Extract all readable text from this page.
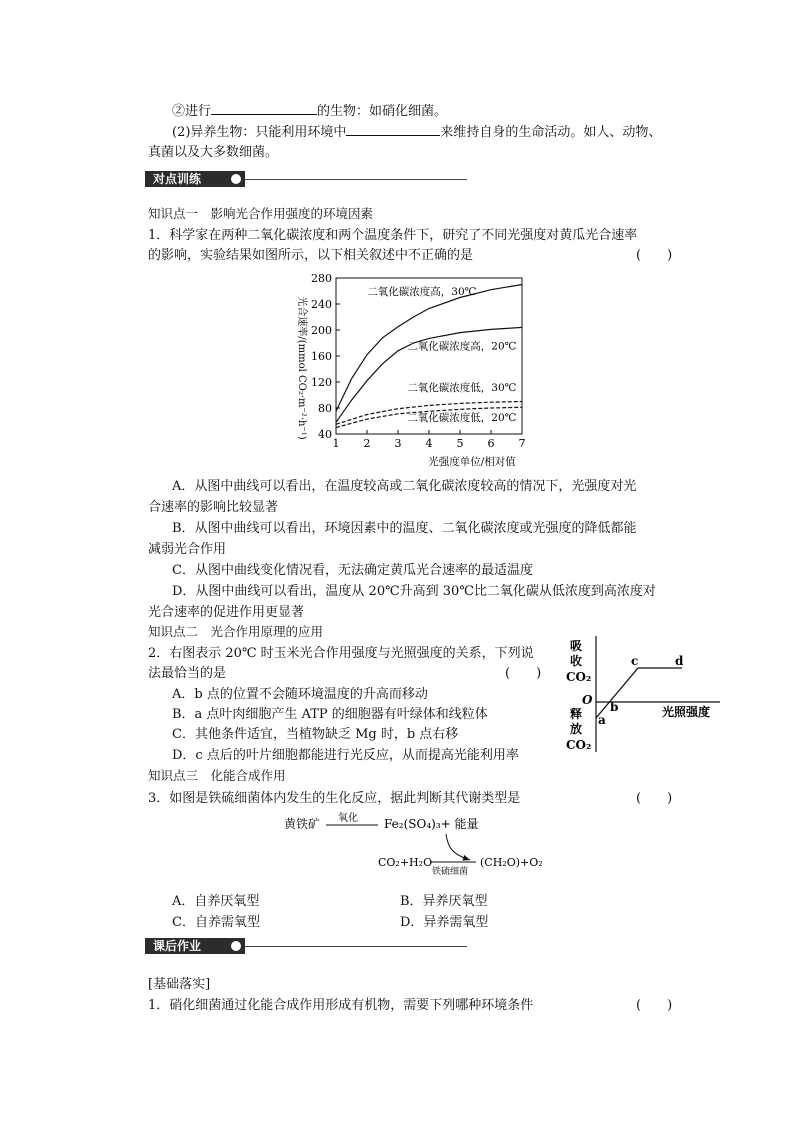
②进行	的生物：如硝化细菌。
(2)异养生物：只能利用环境中	来维持自身的生命活动。如人、动物、
真菌以及大多数细菌。
对点训练
知识点一　影响光合作用强度的环境因素
1．科学家在两种二氧化碳浓度和两个温度条件下，研究了不同光强度对黄瓜光合速率
的影响，实验结果如图所示，以下相关叙述中不正确的是	(　　)
40
80
120
160
200
240
280
1 2 3 4 5 6 7
二氧化碳浓度高，30℃
二氧化碳浓度高，20℃
二氧化碳浓度低，30℃
二氧化碳浓度低，20℃
光合速率/(mmol CO₂·m⁻²·h⁻¹)
光强度单位/相对值
A．从图中曲线可以看出，在温度较高或二氧化碳浓度较高的情况下，光强度对光
合速率的影响比较显著
B．从图中曲线可以看出，环境因素中的温度、二氧化碳浓度或光强度的降低都能
减弱光合作用
C．从图中曲线变化情况看，无法确定黄瓜光合速率的最适温度
D．从图中曲线可以看出，温度从 20℃升高到 30℃比二氧化碳从低浓度到高浓度对
光合速率的促进作用更显著
知识点二　光合作用原理的应用
2．右图表示 20℃ 时玉米光合作用强度与光照强度的关系，下列说
法最恰当的是	(　　)
A．b 点的位置不会随环境温度的升高而移动
B．a 点叶肉细胞产生 ATP 的细胞器有叶绿体和线粒体
C．其他条件适宜，当植物缺乏 Mg 时，b 点右移
D．c 点后的叶片细胞都能进行光反应，从而提高光能利用率
吸
收
CO₂
O
释
放
CO₂
光照强度
a
b
c	d
知识点三　化能合成作用
3．如图是铁硫细菌体内发生的生化反应，据此判断其代谢类型是	(　　)
黄铁矿 氧化 Fe₂(SO₄)₃+ 能量
CO₂+H₂O
铁硫细菌
(CH₂O)+O₂
A．自养厌氧型	B．异养厌氧型
C．自养需氧型	D．异养需氧型
课后作业
[基础落实]
1．硝化细菌通过化能合成作用形成有机物，需要下列哪种环境条件	(　　)
